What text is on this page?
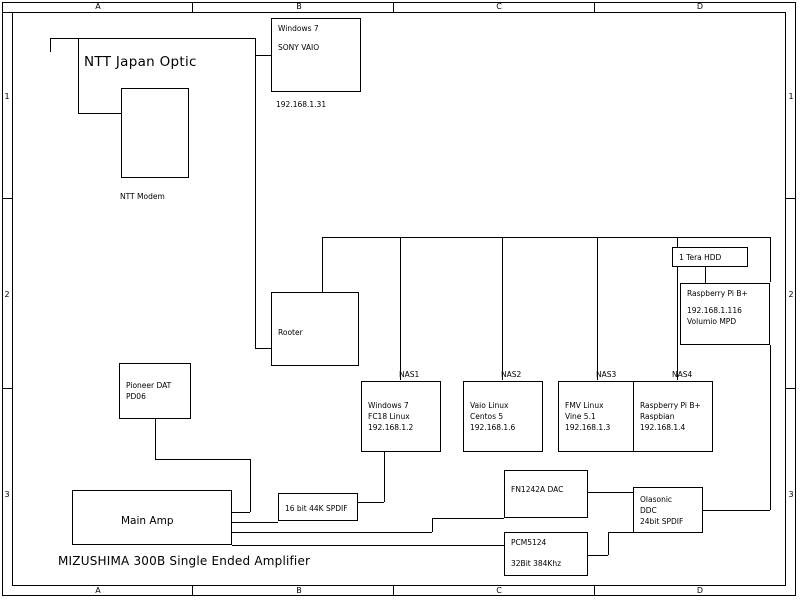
A	B	C	D
A	B	C	D
1
2
3
1
2
3
NTT Modem
NTT Japan Optic
Windows 7
SONY VAIO
192.168.1.31
Rooter
1 Tera HDD
Raspberry Pi B+
192.168.1.116
Volumio MPD
NAS1	NAS2	NAS3	NAS4
Windows 7
FC18 Linux
192.168.1.2
Vaio Linux
Centos 5
192.168.1.6
FMV Linux
Vine 5.1
192.168.1.3
Raspberry Pi B+
Raspbian
192.168.1.4
Pioneer DAT
PD06
Main Amp
16 bit 44K SPDIF
FN1242A DAC
PCM5124
32Bit 384Khz
Olasonic
DDC
24bit SPDIF
MIZUSHIMA 300B Single Ended Amplifier
